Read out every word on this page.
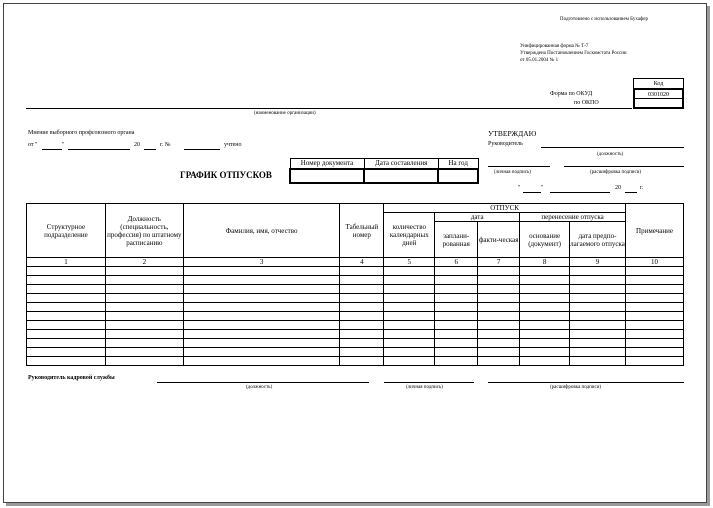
Подготовлено с использованием Бухафер
Унифицированная форма № Т-7
Утверждена Постановлением Госкомстата России
от 05.01.2004 № 1
Код
Форма по ОКУД	0301020
по ОКПО
(наименование организации)
Мнение выборного профсоюзного органа
от "	"	20	г. №	учтено
УТВЕРЖДАЮ
Руководитель
(должность)
(личная подпись)	(расшифровка подписи)
"	"	20	г.
ГРАФИК ОТПУСКОВ
Номер документа	Дата составления	На год

Структурное подразделение	Должность (специальность, профессия) по штатному расписанию	Фамилия, имя, отчество	Табельный номер	ОТПУСК					Примечание
				количество календарных дней	дата		перенесение отпуска		
					заплани-рованная	факти-ческая	основание (документ)	дата предпо-лагаемого отпуска	
1	2	3	4	5	6	7	8	9	10

Руководитель кадровой службы
(должность)	(личная подпись)	(расшифровка подписи)
